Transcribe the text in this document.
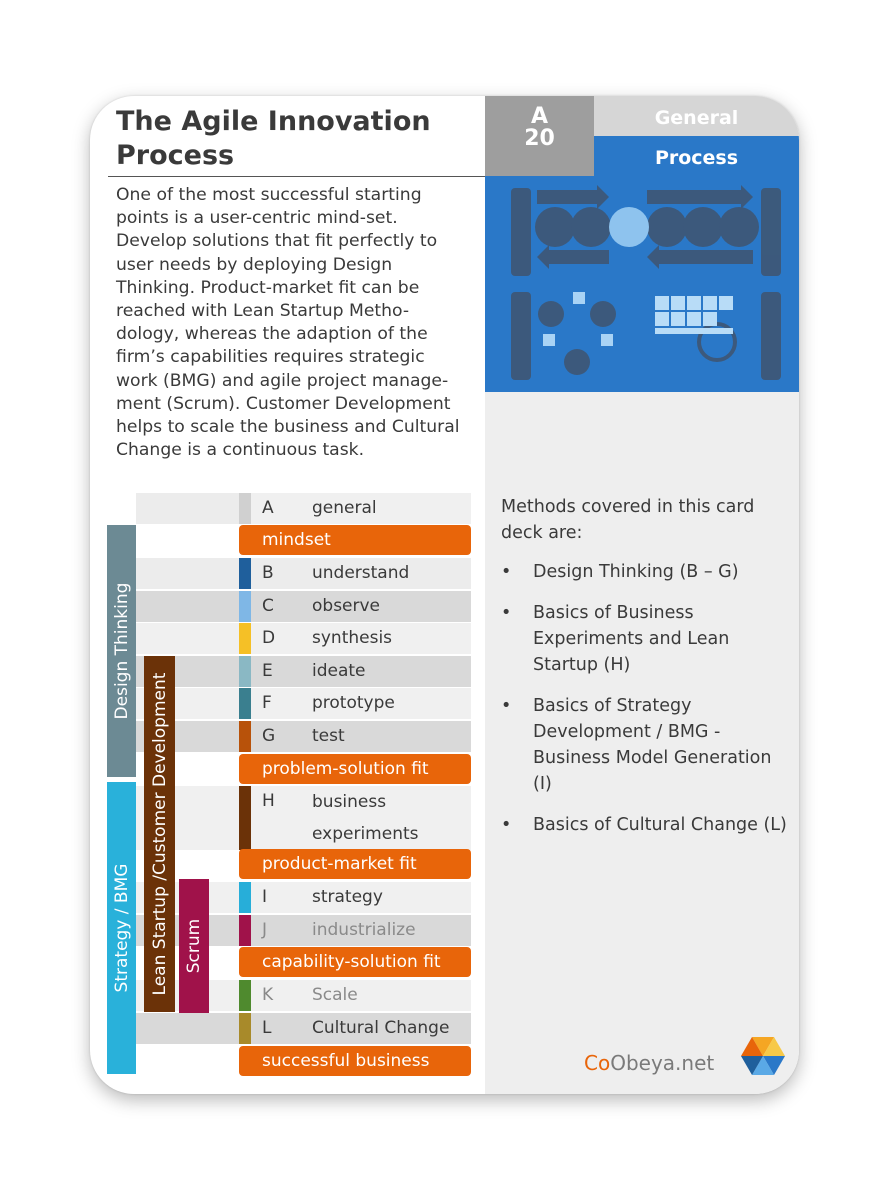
The Agile Innovation Process
A
20
General
Process
One of the most successful starting points is a user-centric mind-set. Develop solutions that fit perfectly to user needs by deploying Design Thinking. Product-market fit can be reached with Lean Startup Metho-dology, whereas the adaption of the firm’s capabilities requires strategic work (BMG) and agile project manage-ment (Scrum). Customer Development helps to scale the business and Cultural Change is a continuous task.
A general
mindset
B understand
C observe
D synthesis
E ideate
F prototype
G test
problem-solution fit
H business
experiments
product-market fit
I	strategy
J	industrialize
capability-solution fit
K Scale
L Cultural Change
successful business
Design Thinking
Strategy / BMG Lean Startup /Customer Development Scrum
Methods covered in this card deck are:
• Design Thinking (B – G)
• Basics of Business Experiments and Lean Startup (H)
• Basics of Strategy Development / BMG - Business Model Generation (I)
• Basics of Cultural Change (L)
CoObeya.net
